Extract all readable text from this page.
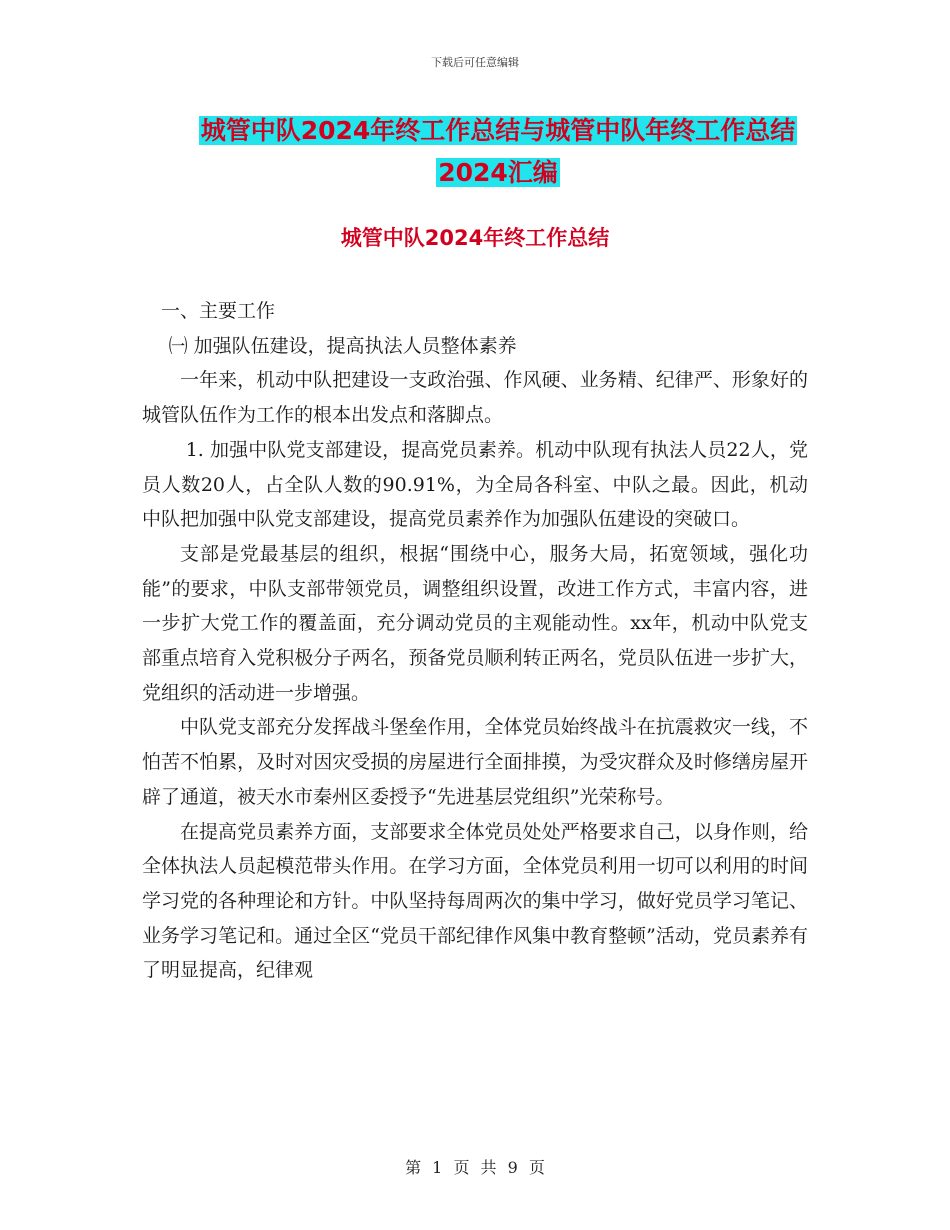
下载后可任意编辑
城管中队2024年终工作总结与城管中队年终工作总结
2024汇编
城管中队2024年终工作总结

一、主要工作

㈠ 加强队伍建设，提高执法人员整体素养

一年来，机动中队把建设一支政治强、作风硬、业务精、纪律严、形象好的城管队伍作为工作的根本出发点和落脚点。

1. 加强中队党支部建设，提高党员素养。机动中队现有执法人员22人，党员人数20人，占全队人数的90.91%，为全局各科室、中队之最。因此，机动中队把加强中队党支部建设，提高党员素养作为加强队伍建设的突破口。

支部是党最基层的组织，根据“围绕中心，服务大局，拓宽领域，强化功能”的要求，中队支部带领党员，调整组织设置，改进工作方式，丰富内容，进一步扩大党工作的覆盖面，充分调动党员的主观能动性。xx年，机动中队党支部重点培育入党积极分子两名，预备党员顺利转正两名，党员队伍进一步扩大，党组织的活动进一步增强。

中队党支部充分发挥战斗堡垒作用，全体党员始终战斗在抗震救灾一线，不怕苦不怕累，及时对因灾受损的房屋进行全面排摸，为受灾群众及时修缮房屋开辟了通道，被天水市秦州区委授予“先进基层党组织”光荣称号。

在提高党员素养方面，支部要求全体党员处处严格要求自己，以身作则，给全体执法人员起模范带头作用。在学习方面，全体党员利用一切可以利用的时间学习党的各种理论和方针。中队坚持每周两次的集中学习，做好党员学习笔记、业务学习笔记和。通过全区“党员干部纪律作风集中教育整顿”活动，党员素养有了明显提高，纪律观

第 1 页 共 9 页
